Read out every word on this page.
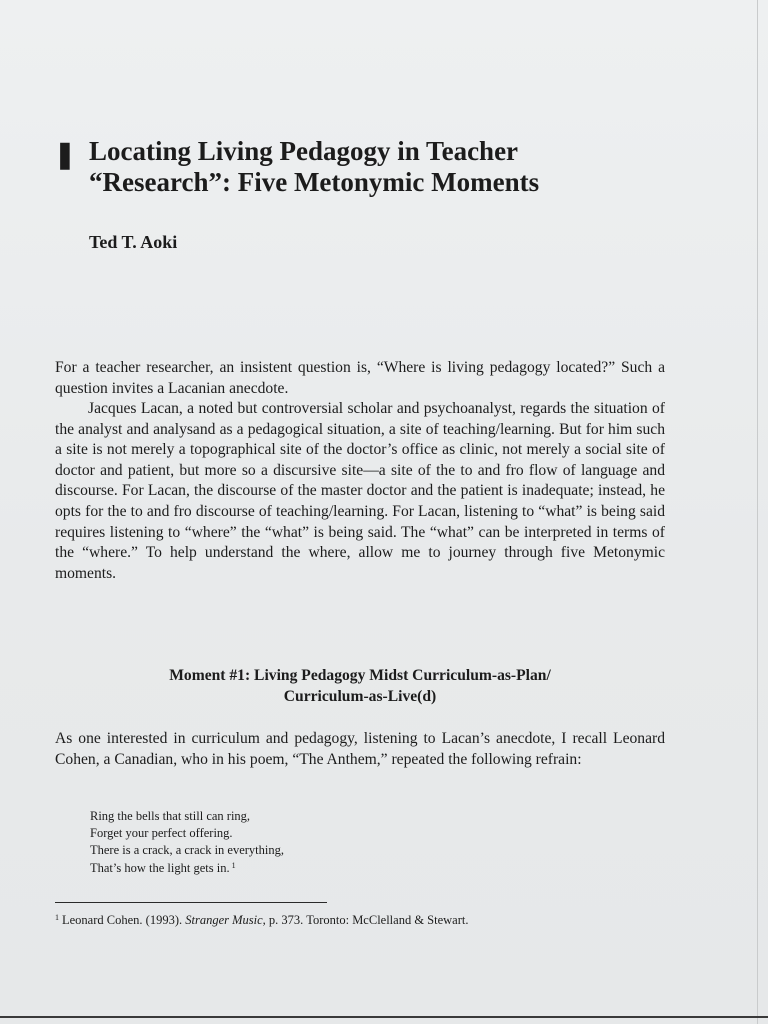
❚ Locating Living Pedagogy in Teacher
“Research”: Five Metonymic Moments

Ted T. Aoki

For a teacher researcher, an insistent question is, “Where is living pedagogy located?” Such a question invites a Lacanian anecdote.

Jacques Lacan, a noted but controversial scholar and psychoanalyst, regards the situation of the analyst and analysand as a pedagogical situation, a site of teaching/learning. But for him such a site is not merely a topographical site of the doctor’s office as clinic, not merely a social site of doctor and patient, but more so a discursive site—a site of the to and fro flow of language and discourse. For Lacan, the discourse of the master doctor and the patient is inadequate; instead, he opts for the to and fro discourse of teaching/learning. For Lacan, listening to “what” is being said requires listening to “where” the “what” is being said. The “what” can be interpreted in terms of the “where.” To help understand the where, allow me to journey through five Metonymic moments.

Moment #1: Living Pedagogy Midst Curriculum-as-Plan/
Curriculum-as-Live(d)

As one interested in curriculum and pedagogy, listening to Lacan’s anecdote, I recall Leonard Cohen, a Canadian, who in his poem, “The Anthem,” repeated the following refrain:

Ring the bells that still can ring,
Forget your perfect offering.
There is a crack, a crack in everything,
That’s how the light gets in. $^1$

$^1$ Leonard Cohen. (1993). Stranger Music, p. 373. Toronto: McClelland & Stewart.
